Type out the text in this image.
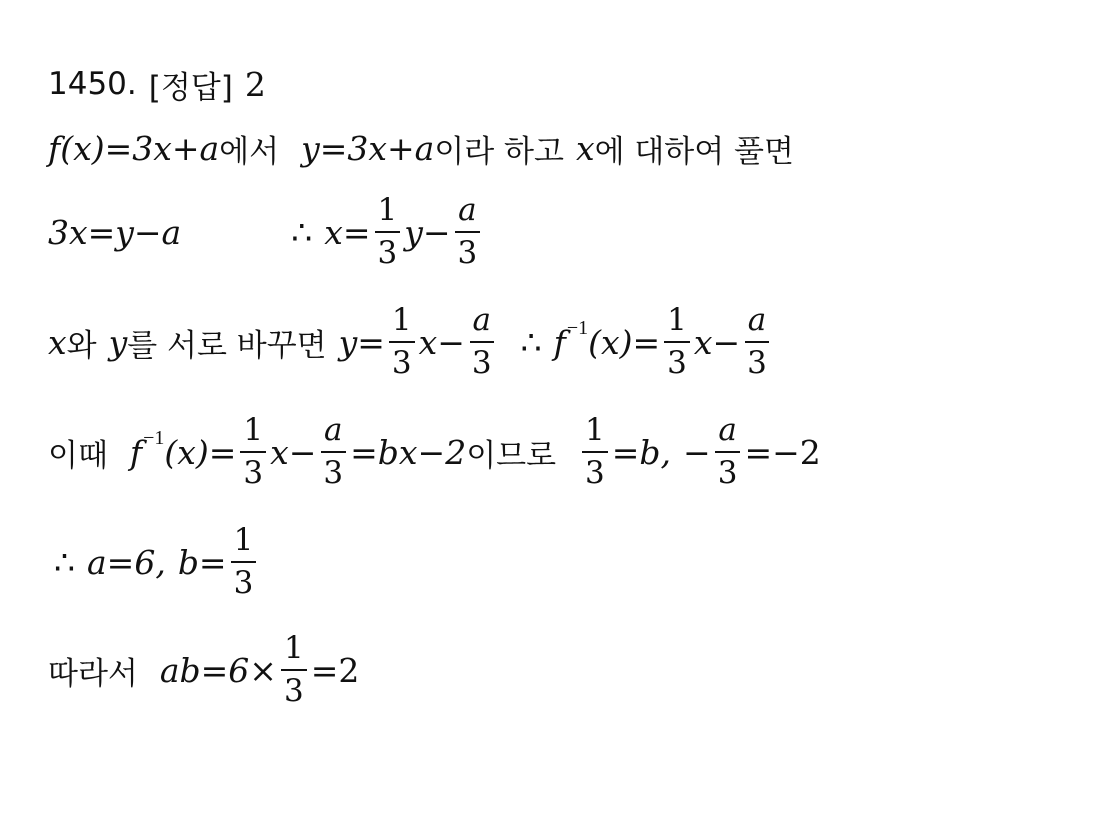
1450. [정답] 2
f(x)=3x+a 에서 y=3x+a 이라 하고 x 에 대하여 풀면
3x=y−a	∴ $x= \frac{1}{3} y- \frac{a}{3}$
x 와 y 를 서로 바꾸면 $y= \frac{1}{3} x- \frac{a}{3}$ ∴ f −1 $(x)= \frac{1}{3} x- \frac{a}{3}$
이때 f −1 $(x)= \frac{1}{3} x- \frac{a}{3} =bx-2$ 이므로 $\frac{1}{3} =b$, − $\frac{a}{3} =-2$
∴ a=6, $b= \frac{1}{3}$
따라서 $ab=6\times \frac{1}{3} =2$
